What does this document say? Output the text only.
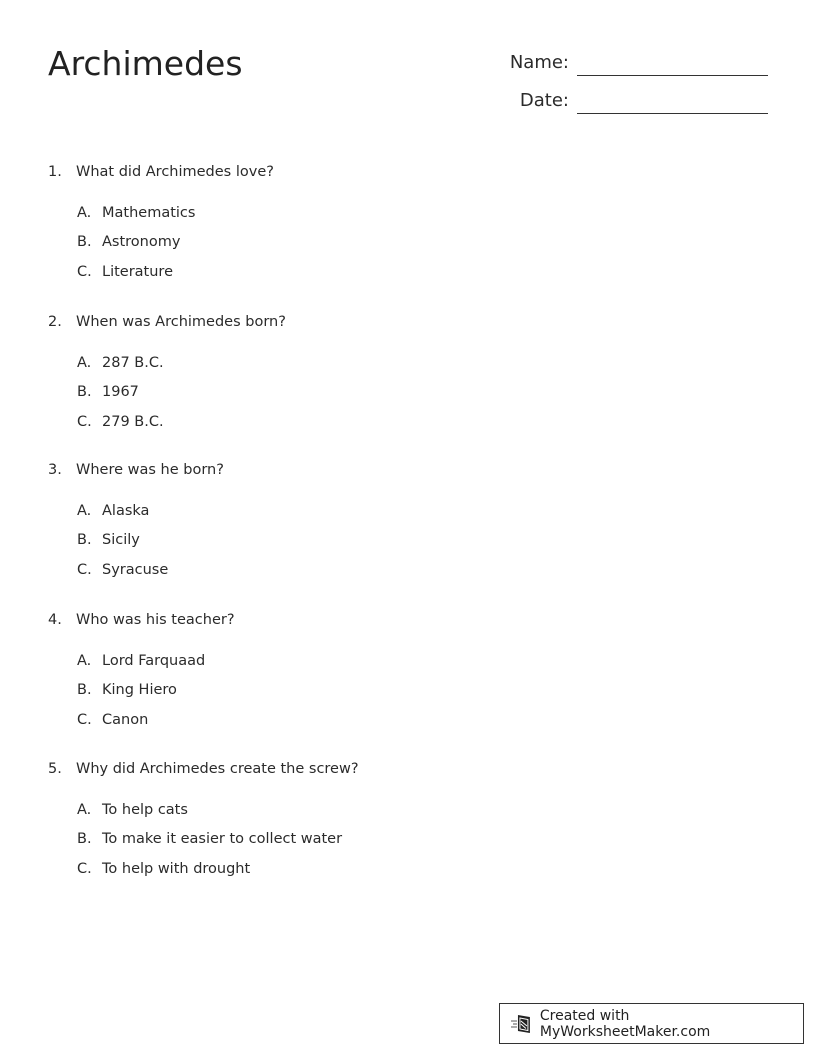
Archimedes	Name:
Date:
1. What did Archimedes love?
A. Mathematics
B. Astronomy
C. Literature
2. When was Archimedes born?
A. 287 B.C.
B. 1967
C. 279 B.C.
3. Where was he born?
A. Alaska
B. Sicily
C. Syracuse
4. Who was his teacher?
A. Lord Farquaad
B. King Hiero
C. Canon
5. Why did Archimedes create the screw?
A. To help cats
B. To make it easier to collect water
C. To help with drought
Created with MyWorksheetMaker.com
